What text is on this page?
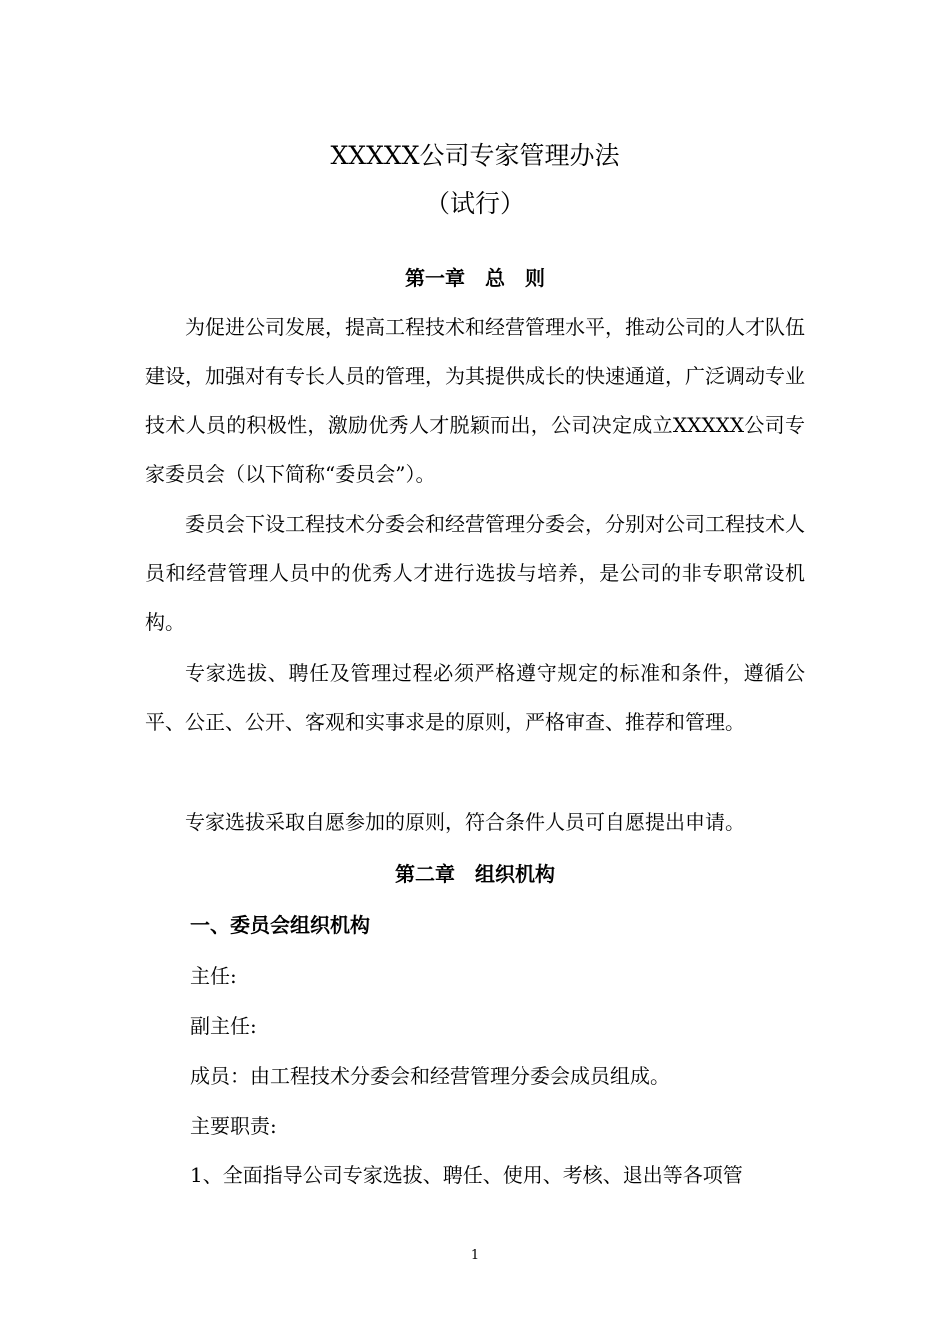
XXXXX公司专家管理办法
（试行）
第一章　总　则
为促进公司发展，提高工程技术和经营管理水平，推动公司的人才队伍建设，加强对有专长人员的管理，为其提供成长的快速通道，广泛调动专业技术人员的积极性，激励优秀人才脱颖而出，公司决定成立XXXXX公司专家委员会（以下简称“委员会”）。
委员会下设工程技术分委会和经营管理分委会，分别对公司工程技术人员和经营管理人员中的优秀人才进行选拔与培养，是公司的非专职常设机构。
专家选拔、聘任及管理过程必须严格遵守规定的标准和条件，遵循公平、公正、公开、客观和实事求是的原则，严格审查、推荐和管理。
专家选拔采取自愿参加的原则，符合条件人员可自愿提出申请。
第二章　组织机构
一、委员会组织机构
主任:
副主任:
成员：由工程技术分委会和经营管理分委会成员组成。
主要职责:
1、全面指导公司专家选拔、聘任、使用、考核、退出等各项管
1
